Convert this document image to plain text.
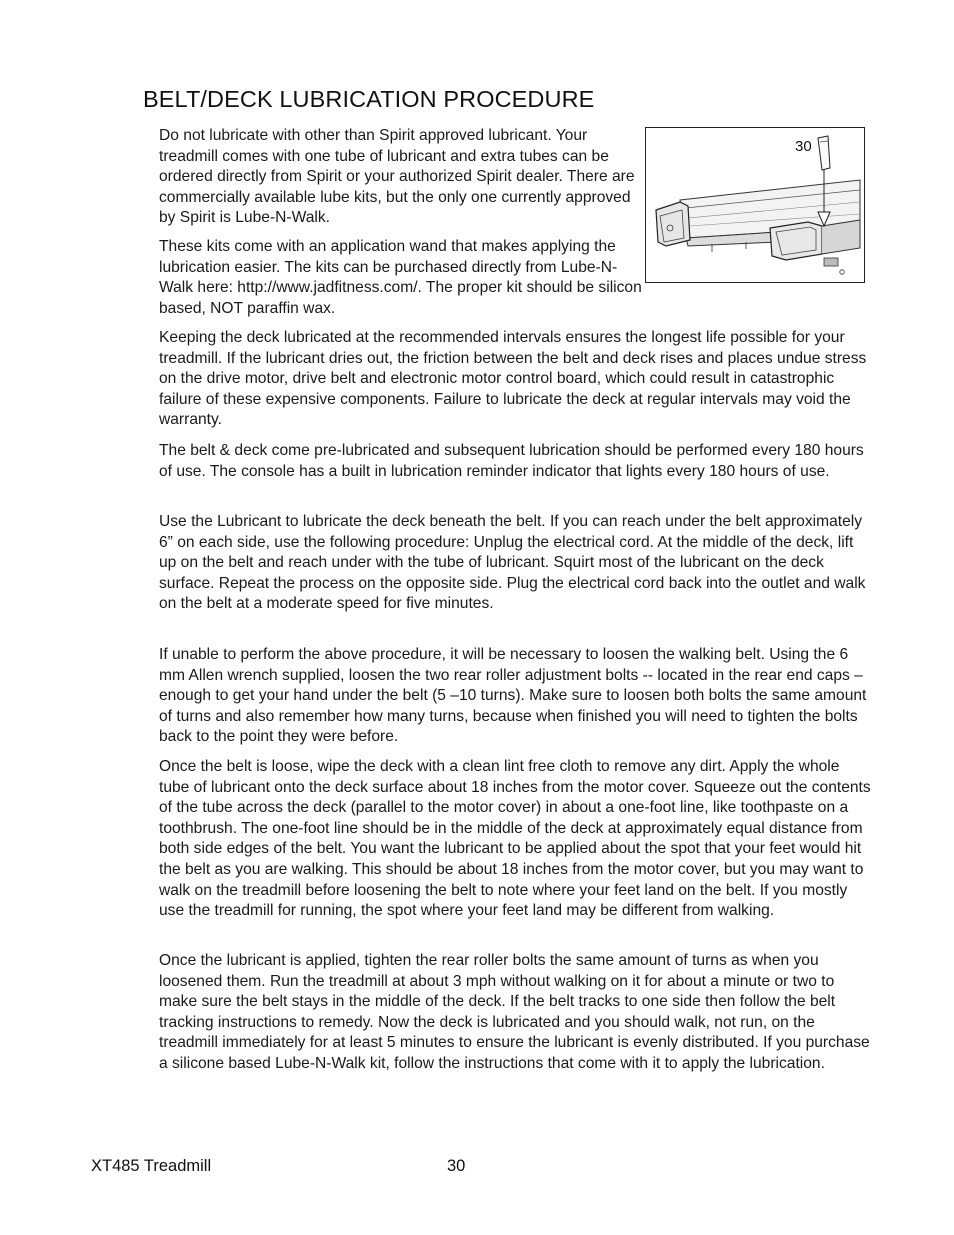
BELT/DECK LUBRICATION PROCEDURE

Do not lubricate with other than Spirit approved lubricant. Your treadmill comes with one tube of lubricant and extra tubes can be ordered directly from Spirit or your authorized Spirit dealer. There are commercially available lube kits, but the only one currently approved by Spirit is Lube-N-Walk.

These kits come with an application wand that makes applying the lubrication easier. The kits can be purchased directly from Lube-N-Walk here: http://www.jadfitness.com/. The proper kit should be silicon based, NOT paraffin wax.

30

Keeping the deck lubricated at the recommended intervals ensures the longest life possible for your treadmill. If the lubricant dries out, the friction between the belt and deck rises and places undue stress on the drive motor, drive belt and electronic motor control board, which could result in catastrophic failure of these expensive components. Failure to lubricate the deck at regular intervals may void the warranty.

The belt & deck come pre-lubricated and subsequent lubrication should be performed every 180 hours of use. The console has a built in lubrication reminder indicator that lights every 180 hours of use.

Use the Lubricant to lubricate the deck beneath the belt. If you can reach under the belt approximately 6” on each side, use the following procedure: Unplug the electrical cord. At the middle of the deck, lift up on the belt and reach under with the tube of lubricant. Squirt most of the lubricant on the deck surface. Repeat the process on the opposite side. Plug the electrical cord back into the outlet and walk on the belt at a moderate speed for five minutes.

If unable to perform the above procedure, it will be necessary to loosen the walking belt. Using the 6 mm Allen wrench supplied, loosen the two rear roller adjustment bolts -- located in the rear end caps – enough to get your hand under the belt (5 –10 turns). Make sure to loosen both bolts the same amount of turns and also remember how many turns, because when finished you will need to tighten the bolts back to the point they were before.

Once the belt is loose, wipe the deck with a clean lint free cloth to remove any dirt. Apply the whole tube of lubricant onto the deck surface about 18 inches from the motor cover. Squeeze out the contents of the tube across the deck (parallel to the motor cover) in about a one-foot line, like toothpaste on a toothbrush. The one-foot line should be in the middle of the deck at approximately equal distance from both side edges of the belt. You want the lubricant to be applied about the spot that your feet would hit the belt as you are walking. This should be about 18 inches from the motor cover, but you may want to walk on the treadmill before loosening the belt to note where your feet land on the belt. If you mostly use the treadmill for running, the spot where your feet land may be different from walking.

Once the lubricant is applied, tighten the rear roller bolts the same amount of turns as when you loosened them. Run the treadmill at about 3 mph without walking on it for about a minute or two to make sure the belt stays in the middle of the deck. If the belt tracks to one side then follow the belt tracking instructions to remedy. Now the deck is lubricated and you should walk, not run, on the treadmill immediately for at least 5 minutes to ensure the lubricant is evenly distributed. If you purchase a silicone based Lube-N-Walk kit, follow the instructions that come with it to apply the lubrication.

XT485 Treadmill	30
